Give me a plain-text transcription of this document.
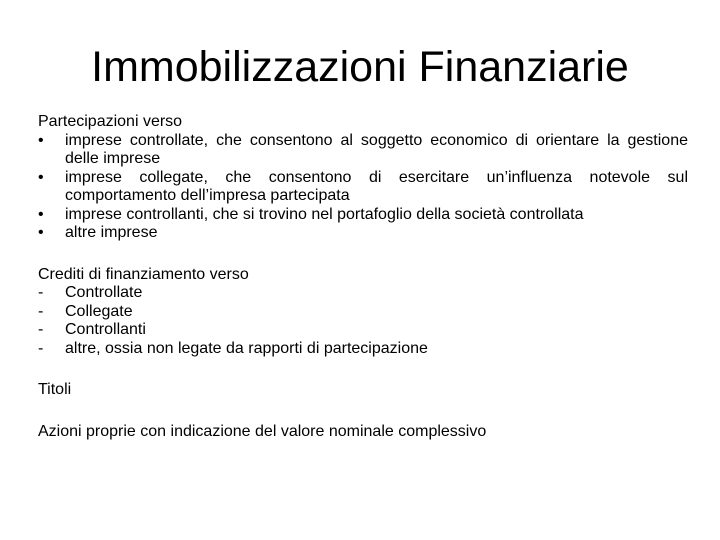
Immobilizzazioni Finanziarie

Partecipazioni verso

• imprese controllate, che consentono al soggetto economico di orientare la gestione delle imprese
• imprese collegate, che consentono di esercitare un’influenza notevole sul comportamento dell’impresa partecipata
• imprese controllanti, che si trovino nel portafoglio della società controllata
• altre imprese

Crediti di finanziamento verso

- Controllate
- Collegate
- Controllanti
- altre, ossia non legate da rapporti di partecipazione

Titoli

Azioni proprie con indicazione del valore nominale complessivo
